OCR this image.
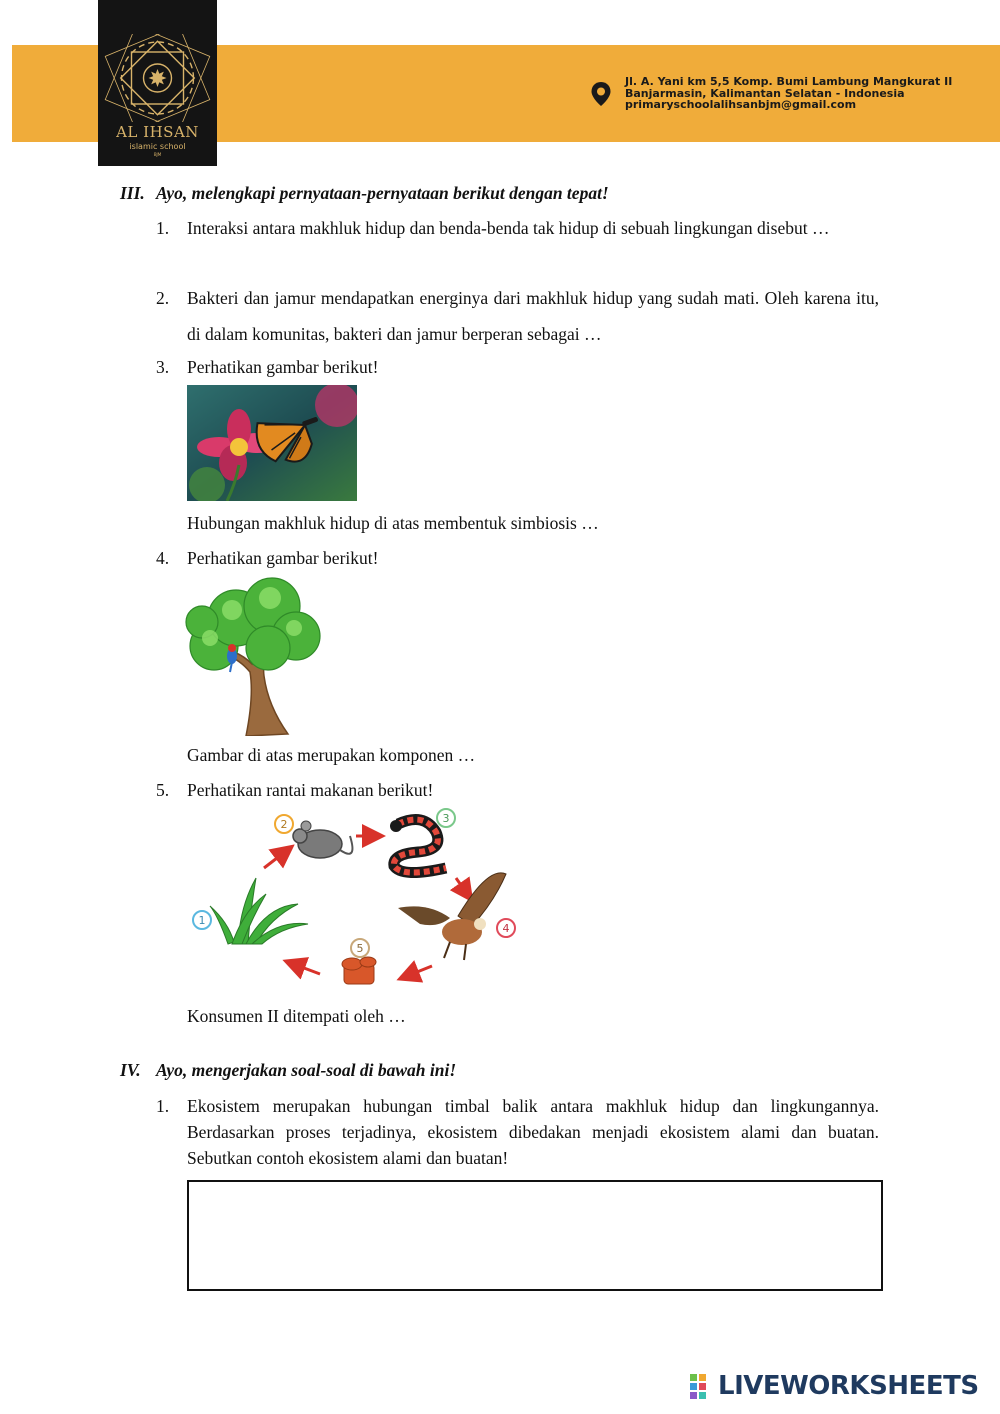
AL IHSAN
islamic school
BJM
Jl. A. Yani km 5,5 Komp. Bumi Lambung Mangkurat II
Banjarmasin, Kalimantan Selatan - Indonesia
primaryschoolalihsanbjm@gmail.com
III. Ayo, melengkapi pernyataan-pernyataan berikut dengan tepat!
1. Interaksi antara makhluk hidup dan benda-benda tak hidup di sebuah lingkungan disebut …
2. Bakteri dan jamur mendapatkan energinya dari makhluk hidup yang sudah mati. Oleh karena itu, di dalam komunitas, bakteri dan jamur berperan sebagai …
3. Perhatikan gambar berikut!
Hubungan makhluk hidup di atas membentuk simbiosis …
4. Perhatikan gambar berikut!
Gambar di atas merupakan komponen …
5. Perhatikan rantai makanan berikut!
1
2	3
4
5
Konsumen II ditempati oleh …
IV. Ayo, mengerjakan soal-soal di bawah ini!
1. Ekosistem merupakan hubungan timbal balik antara makhluk hidup dan lingkungannya. Berdasarkan proses terjadinya, ekosistem dibedakan menjadi ekosistem alami dan buatan. Sebutkan contoh ekosistem alami dan buatan!
LIVEWORKSHEETS
